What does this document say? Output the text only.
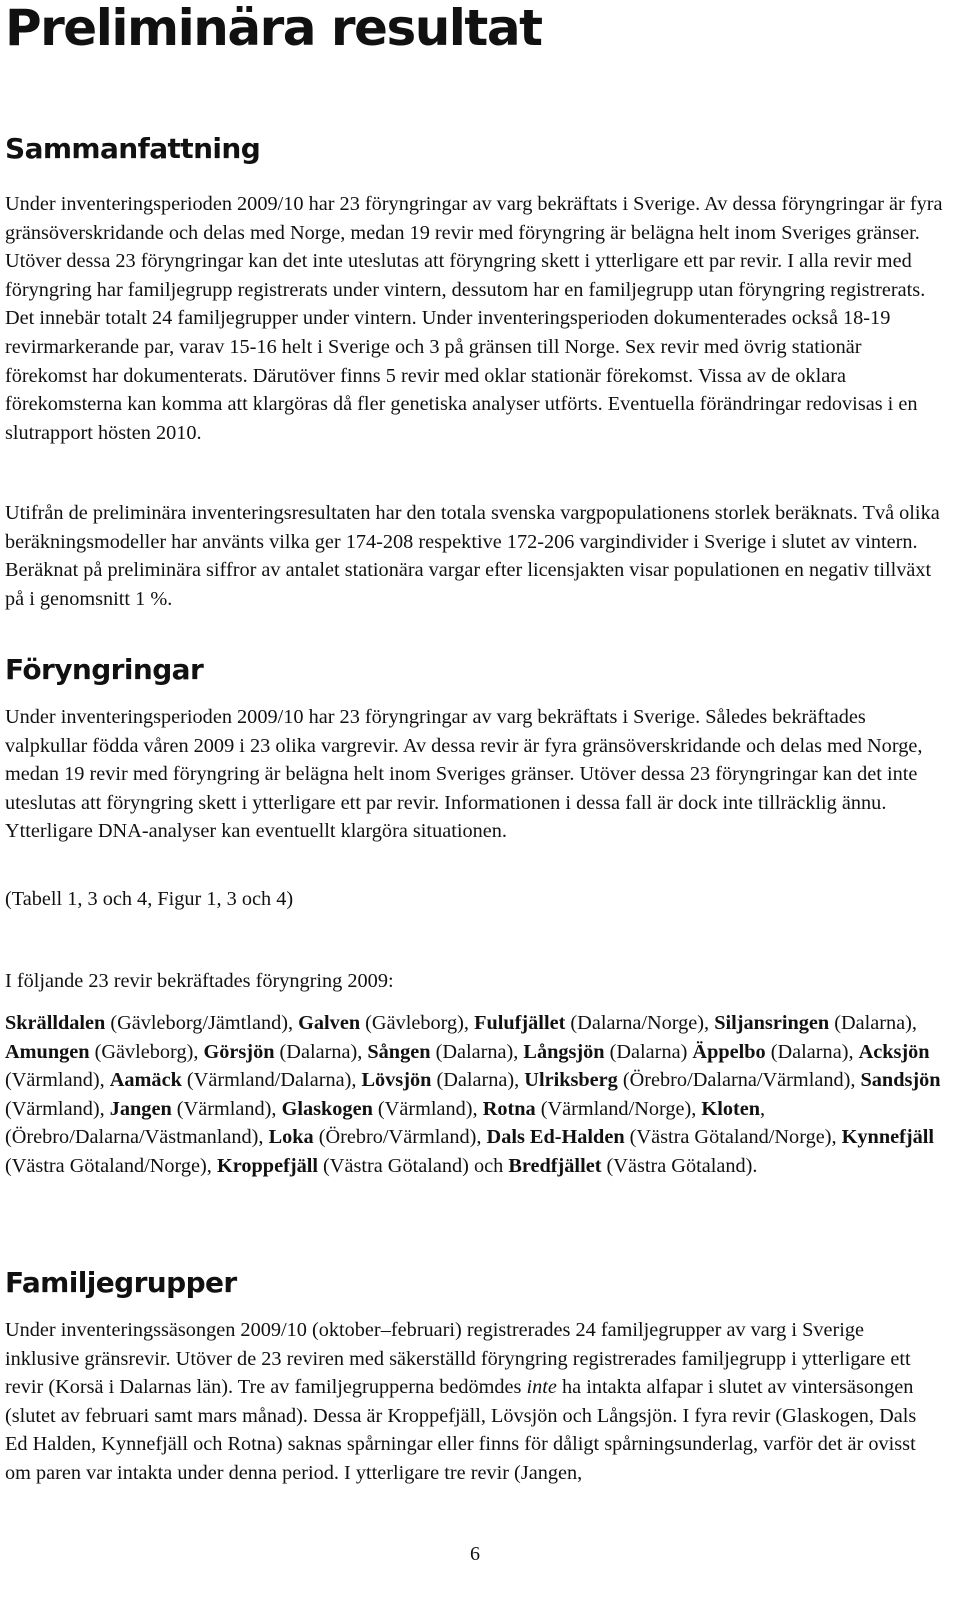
Preliminära resultat
Sammanfattning

Under inventeringsperioden 2009/10 har 23 föryngringar av varg bekräftats i Sverige. Av dessa föryngringar är fyra gränsöverskridande och delas med Norge, medan 19 revir med föryngring är belägna helt inom Sveriges gränser. Utöver dessa 23 föryngringar kan det inte uteslutas att föryngring skett i ytterligare ett par revir. I alla revir med föryngring har familjegrupp registrerats under vintern, dessutom har en familjegrupp utan föryngring registrerats. Det innebär totalt 24 familjegrupper under vintern. Under inventeringsperioden dokumenterades också 18-19 revirmarkerande par, varav 15-16 helt i Sverige och 3 på gränsen till Norge. Sex revir med övrig stationär förekomst har dokumenterats. Därutöver finns 5 revir med oklar stationär förekomst. Vissa av de oklara förekomsterna kan komma att klargöras då fler genetiska analyser utförts. Eventuella förändringar redovisas i en slutrapport hösten 2010.

Utifrån de preliminära inventeringsresultaten har den totala svenska vargpopulationens storlek beräknats. Två olika beräkningsmodeller har använts vilka ger 174-208 respektive 172-206 vargindivider i Sverige i slutet av vintern. Beräknat på preliminära siffror av antalet stationära vargar efter licensjakten visar populationen en negativ tillväxt på i genomsnitt 1 %.

Föryngringar

Under inventeringsperioden 2009/10 har 23 föryngringar av varg bekräftats i Sverige. Således bekräftades valpkullar födda våren 2009 i 23 olika vargrevir. Av dessa revir är fyra gränsöverskridande och delas med Norge, medan 19 revir med föryngring är belägna helt inom Sveriges gränser. Utöver dessa 23 föryngringar kan det inte uteslutas att föryngring skett i ytterligare ett par revir. Informationen i dessa fall är dock inte tillräcklig ännu. Ytterligare DNA-analyser kan eventuellt klargöra situationen.

(Tabell 1, 3 och 4, Figur 1, 3 och 4)

I följande 23 revir bekräftades föryngring 2009:

Skrälldalen (Gävleborg/Jämtland), Galven (Gävleborg), Fulufjället (Dalarna/Norge), Siljansringen (Dalarna), Amungen (Gävleborg), Görsjön (Dalarna), Sången (Dalarna), Långsjön (Dalarna) Äppelbo (Dalarna), Acksjön (Värmland), Aamäck (Värmland/Dalarna), Lövsjön (Dalarna), Ulriksberg (Örebro/Dalarna/Värmland), Sandsjön (Värmland), Jangen (Värmland), Glaskogen (Värmland), Rotna (Värmland/Norge), Kloten, (Örebro/Dalarna/Västmanland), Loka (Örebro/Värmland), Dals Ed-Halden (Västra Götaland/Norge), Kynnefjäll (Västra Götaland/Norge), Kroppefjäll (Västra Götaland) och Bredfjället (Västra Götaland).

Familjegrupper

Under inventeringssäsongen 2009/10 (oktober–februari) registrerades 24 familjegrupper av varg i Sverige inklusive gränsrevir. Utöver de 23 reviren med säkerställd föryngring registrerades familjegrupp i ytterligare ett revir (Korsä i Dalarnas län). Tre av familjegrupperna bedömdes inte ha intakta alfapar i slutet av vintersäsongen (slutet av februari samt mars månad). Dessa är Kroppefjäll, Lövsjön och Långsjön. I fyra revir (Glaskogen, Dals Ed Halden, Kynnefjäll och Rotna) saknas spårningar eller finns för dåligt spårningsunderlag, varför det är ovisst om paren var intakta under denna period. I ytterligare tre revir (Jangen,

6
